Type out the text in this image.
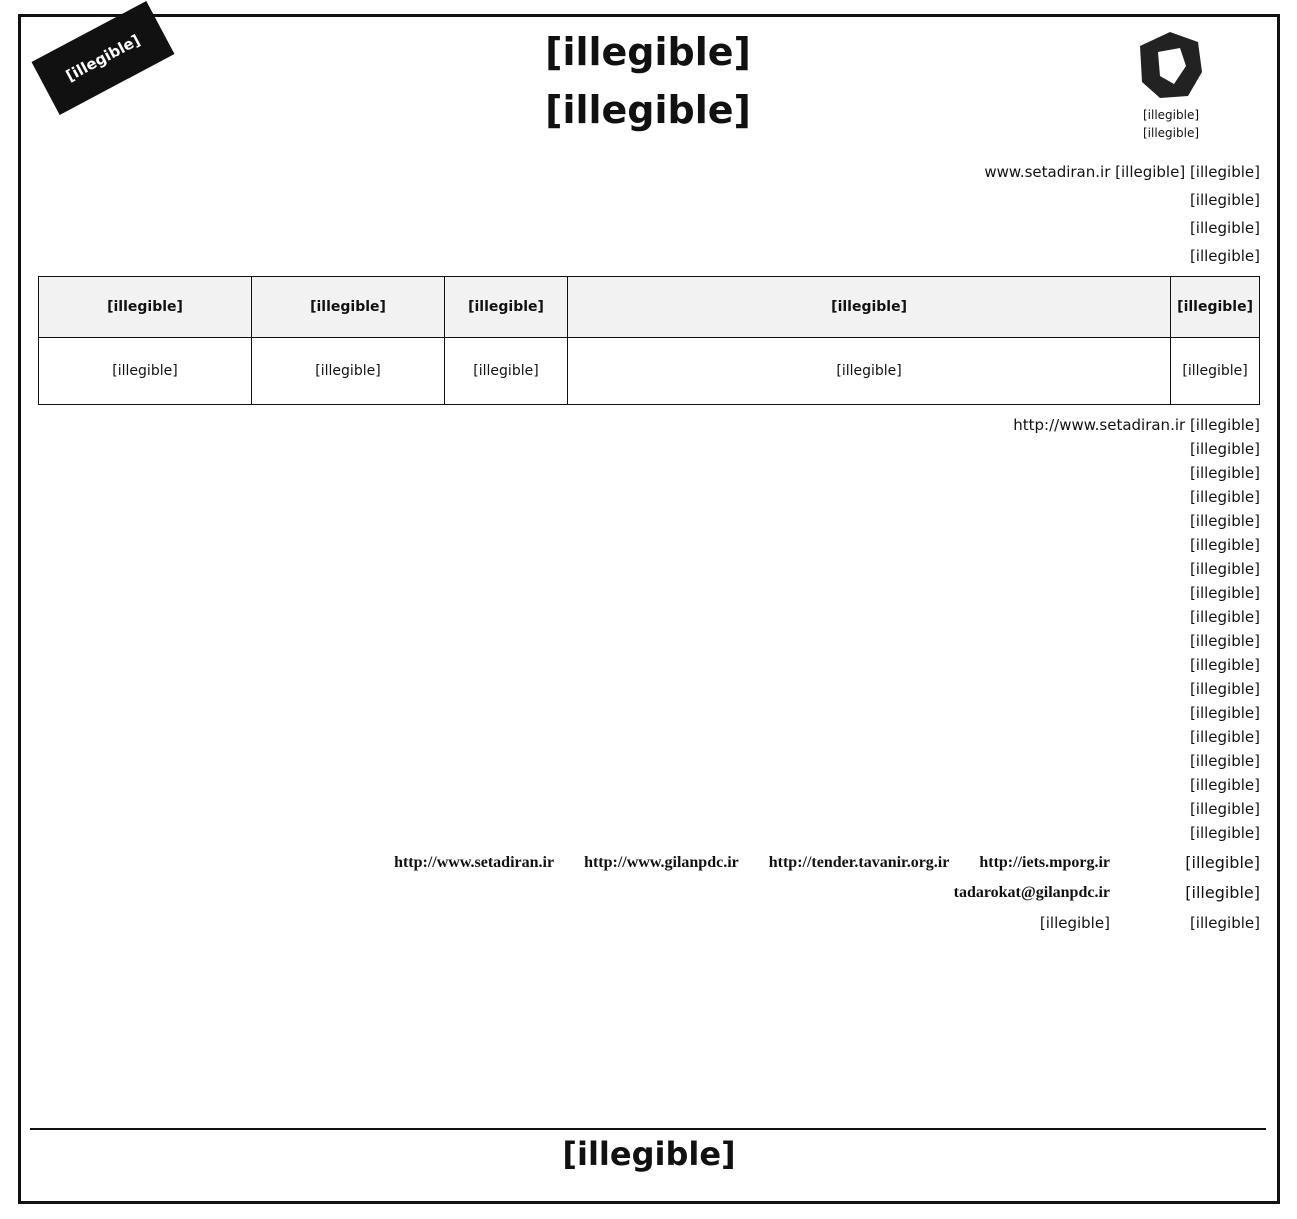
[illegible]	[illegible]
[illegible]	[illegible]
[illegible]

[illegible] www.setadiran.ir [illegible]

[illegible]

[illegible]

[illegible]

[illegible]	[illegible]	[illegible]	[illegible]	[illegible]
[illegible]	[illegible]	[illegible]	[illegible]	[illegible]

[illegible] http://www.setadiran.ir

[illegible]

[illegible]

[illegible]

[illegible]

[illegible]

[illegible]

[illegible]

[illegible]

[illegible]

[illegible]

[illegible]

[illegible]

[illegible]

[illegible]

[illegible]

[illegible]

[illegible]

[illegible]
http://iets.mporg.ir
http://tender.tavanir.org.ir
http://www.gilanpdc.ir
http://www.setadiran.ir
[illegible]
tadarokat@gilanpdc.ir
[illegible]
[illegible]
[illegible]
